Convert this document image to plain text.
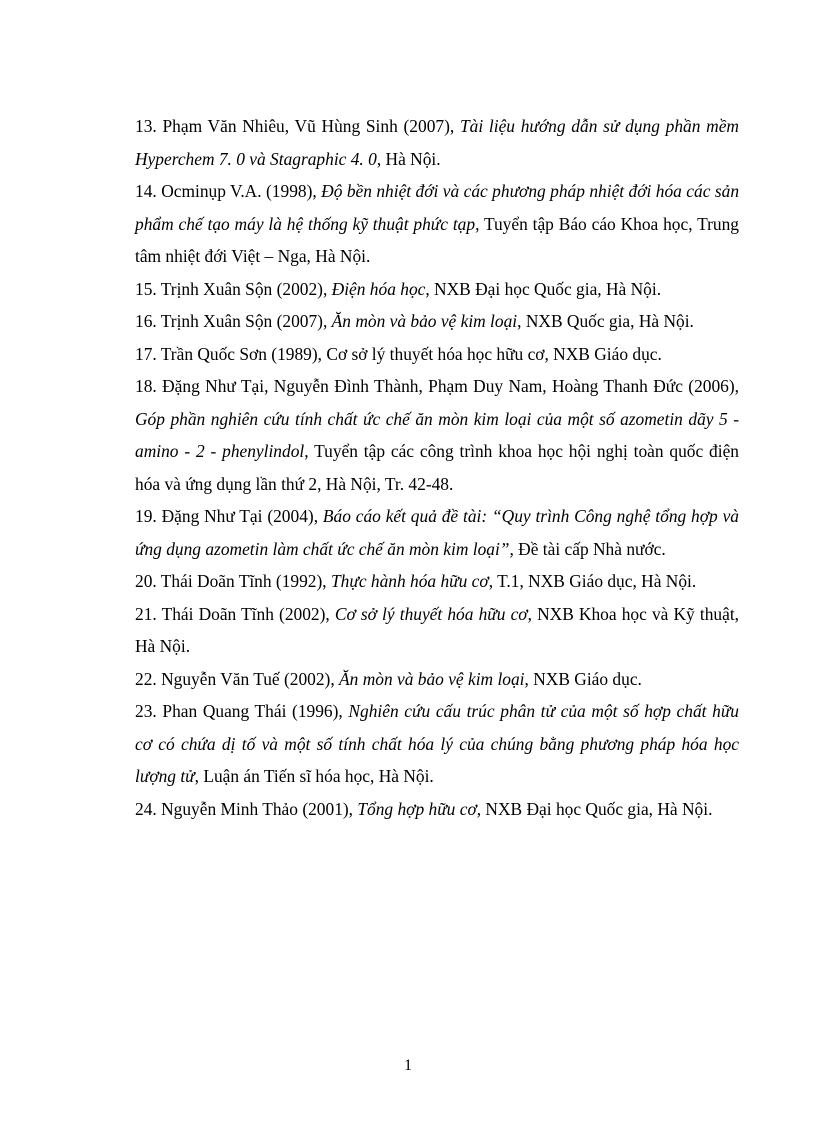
13. Phạm Văn Nhiêu, Vũ Hùng Sinh (2007), Tài liệu hướng dẫn sử dụng phần mềm Hyperchem 7. 0 và Stagraphic 4. 0, Hà Nội.

14. Ocminụp V.A. (1998), Độ bền nhiệt đới và các phương pháp nhiệt đới hóa các sản phẩm chế tạo máy là hệ thống kỹ thuật phức tạp, Tuyển tập Báo cáo Khoa học, Trung tâm nhiệt đới Việt – Nga, Hà Nội.

15. Trịnh Xuân Sộn (2002), Điện hóa học, NXB Đại học Quốc gia, Hà Nội.

16. Trịnh Xuân Sộn (2007), Ăn mòn và bảo vệ kim loại, NXB Quốc gia, Hà Nội.

17. Trần Quốc Sơn (1989), Cơ sở lý thuyết hóa học hữu cơ, NXB Giáo dục.

18. Đặng Như Tại, Nguyễn Đình Thành, Phạm Duy Nam, Hoàng Thanh Đức (2006), Góp phần nghiên cứu tính chất ức chế ăn mòn kim loại của một số azometin dãy 5 - amino - 2 - phenylindol, Tuyển tập các công trình khoa học hội nghị toàn quốc điện hóa và ứng dụng lần thứ 2, Hà Nội, Tr. 42-48.

19. Đặng Như Tại (2004), Báo cáo kết quả đề tài: “Quy trình Công nghệ tổng hợp và ứng dụng azometin làm chất ức chế ăn mòn kim loại”, Đề tài cấp Nhà nước.

20. Thái Doãn Tĩnh (1992), Thực hành hóa hữu cơ, T.1, NXB Giáo dục, Hà Nội.

21. Thái Doãn Tĩnh (2002), Cơ sở lý thuyết hóa hữu cơ, NXB Khoa học và Kỹ thuật, Hà Nội.

22. Nguyễn Văn Tuế (2002), Ăn mòn và bảo vệ kim loại, NXB Giáo dục.

23. Phan Quang Thái (1996), Nghiên cứu cấu trúc phân tử của một số hợp chất hữu cơ có chứa dị tố và một số tính chất hóa lý của chúng bằng phương pháp hóa học lượng tử, Luận án Tiến sĩ hóa học, Hà Nội.

24. Nguyễn Minh Thảo (2001), Tổng hợp hữu cơ, NXB Đại học Quốc gia, Hà Nội.

1
